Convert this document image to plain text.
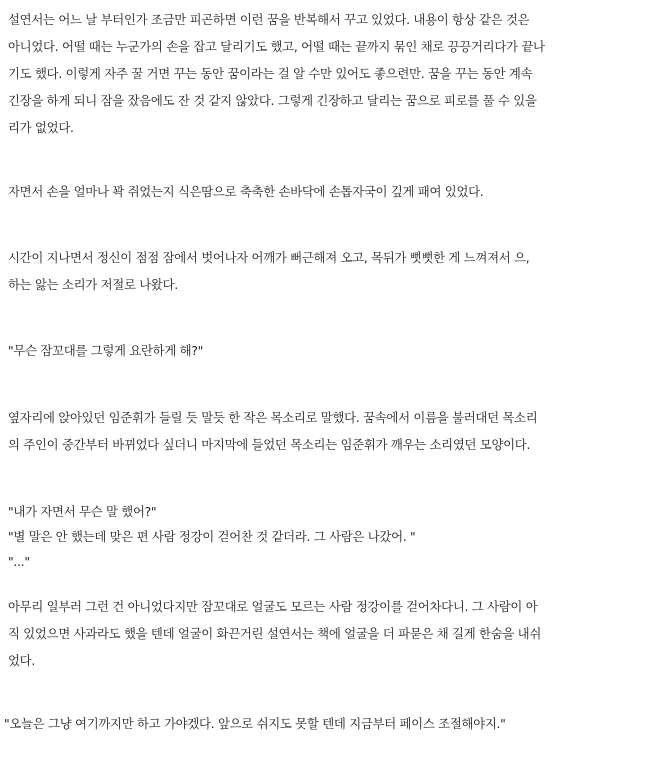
설연서는 어느 날 부터인가 조금만 피곤하면 이런 꿈을 반복해서 꾸고 있었다. 내용이 항상 같은 것은
아니었다. 어떨 때는 누군가의 손을 잡고 달리기도 했고, 어떨 때는 끝까지 묶인 채로 끙끙거리다가 끝나
기도 했다. 이렇게 자주 꿀 거면 꾸는 동안 꿈이라는 걸 알 수만 있어도 좋으련만. 꿈을 꾸는 동안 계속
긴장을 하게 되니 잠을 잤음에도 잔 것 같지 않았다. 그렇게 긴장하고 달리는 꿈으로 피로를 풀 수 있을
리가 없었다.
자면서 손을 얼마나 꽉 쥐었는지 식은땀으로 축축한 손바닥에 손톱자국이 깊게 패여 있었다.
시간이 지나면서 정신이 점점 잠에서 벗어나자 어깨가 뻐근해져 오고, 목뒤가 뻣뻣한 게 느껴져서 으,
하는 앓는 소리가 저절로 나왔다.
"무슨 잠꼬대를 그렇게 요란하게 해?"
옆자리에 앉아있던 임준휘가 들릴 듯 말듯 한 작은 목소리로 말했다. 꿈속에서 이름을 불러대던 목소리
의 주인이 중간부터 바뀌었다 싶더니 마지막에 들었던 목소리는 임준휘가 깨우는 소리였던 모양이다.
"내가 자면서 무슨 말 했어?"
"별 말은 안 했는데 맞은 편 사람 정강이 걷어찬 것 같더라. 그 사람은 나갔어. "
"..."
아무리 일부러 그런 건 아니었다지만 잠꼬대로 얼굴도 모르는 사람 정강이를 걷어차다니. 그 사람이 아
직 있었으면 사과라도 했을 텐데 얼굴이 화끈거린 설연서는 책에 얼굴을 더 파묻은 채 길게 한숨을 내쉬
었다.
"오늘은 그냥 여기까지만 하고 가야겠다. 앞으로 쉬지도 못할 텐데 지금부터 페이스 조절해야지."
